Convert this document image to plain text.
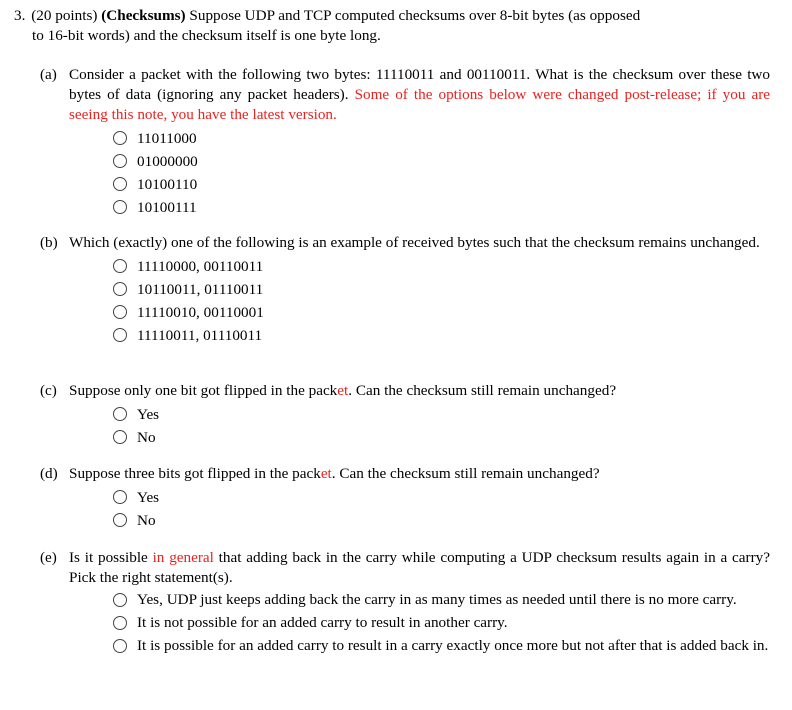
3. (20 points) (Checksums) Suppose UDP and TCP computed checksums over 8-bit bytes (as opposed
to 16-bit words) and the checksum itself is one byte long.
(a) Consider a packet with the following two bytes: 11110011 and 00110011. What is the checksum over these two bytes of data (ignoring any packet headers). Some of the options below were changed post-release; if you are seeing this note, you have the latest version.
11011000
01000000
10100110
10100111
(b) Which (exactly) one of the following is an example of received bytes such that the checksum remains unchanged.
11110000, 00110011
10110011, 01110011
11110010, 00110001
11110011, 01110011
(c) Suppose only one bit got flipped in the packet. Can the checksum still remain unchanged?
Yes
No
(d) Suppose three bits got flipped in the packet. Can the checksum still remain unchanged?
Yes
No
(e) Is it possible in general that adding back in the carry while computing a UDP checksum results again in a carry? Pick the right statement(s).
Yes, UDP just keeps adding back the carry in as many times as needed until there is no more carry.
It is not possible for an added carry to result in another carry.
It is possible for an added carry to result in a carry exactly once more but not after that is added back in.
